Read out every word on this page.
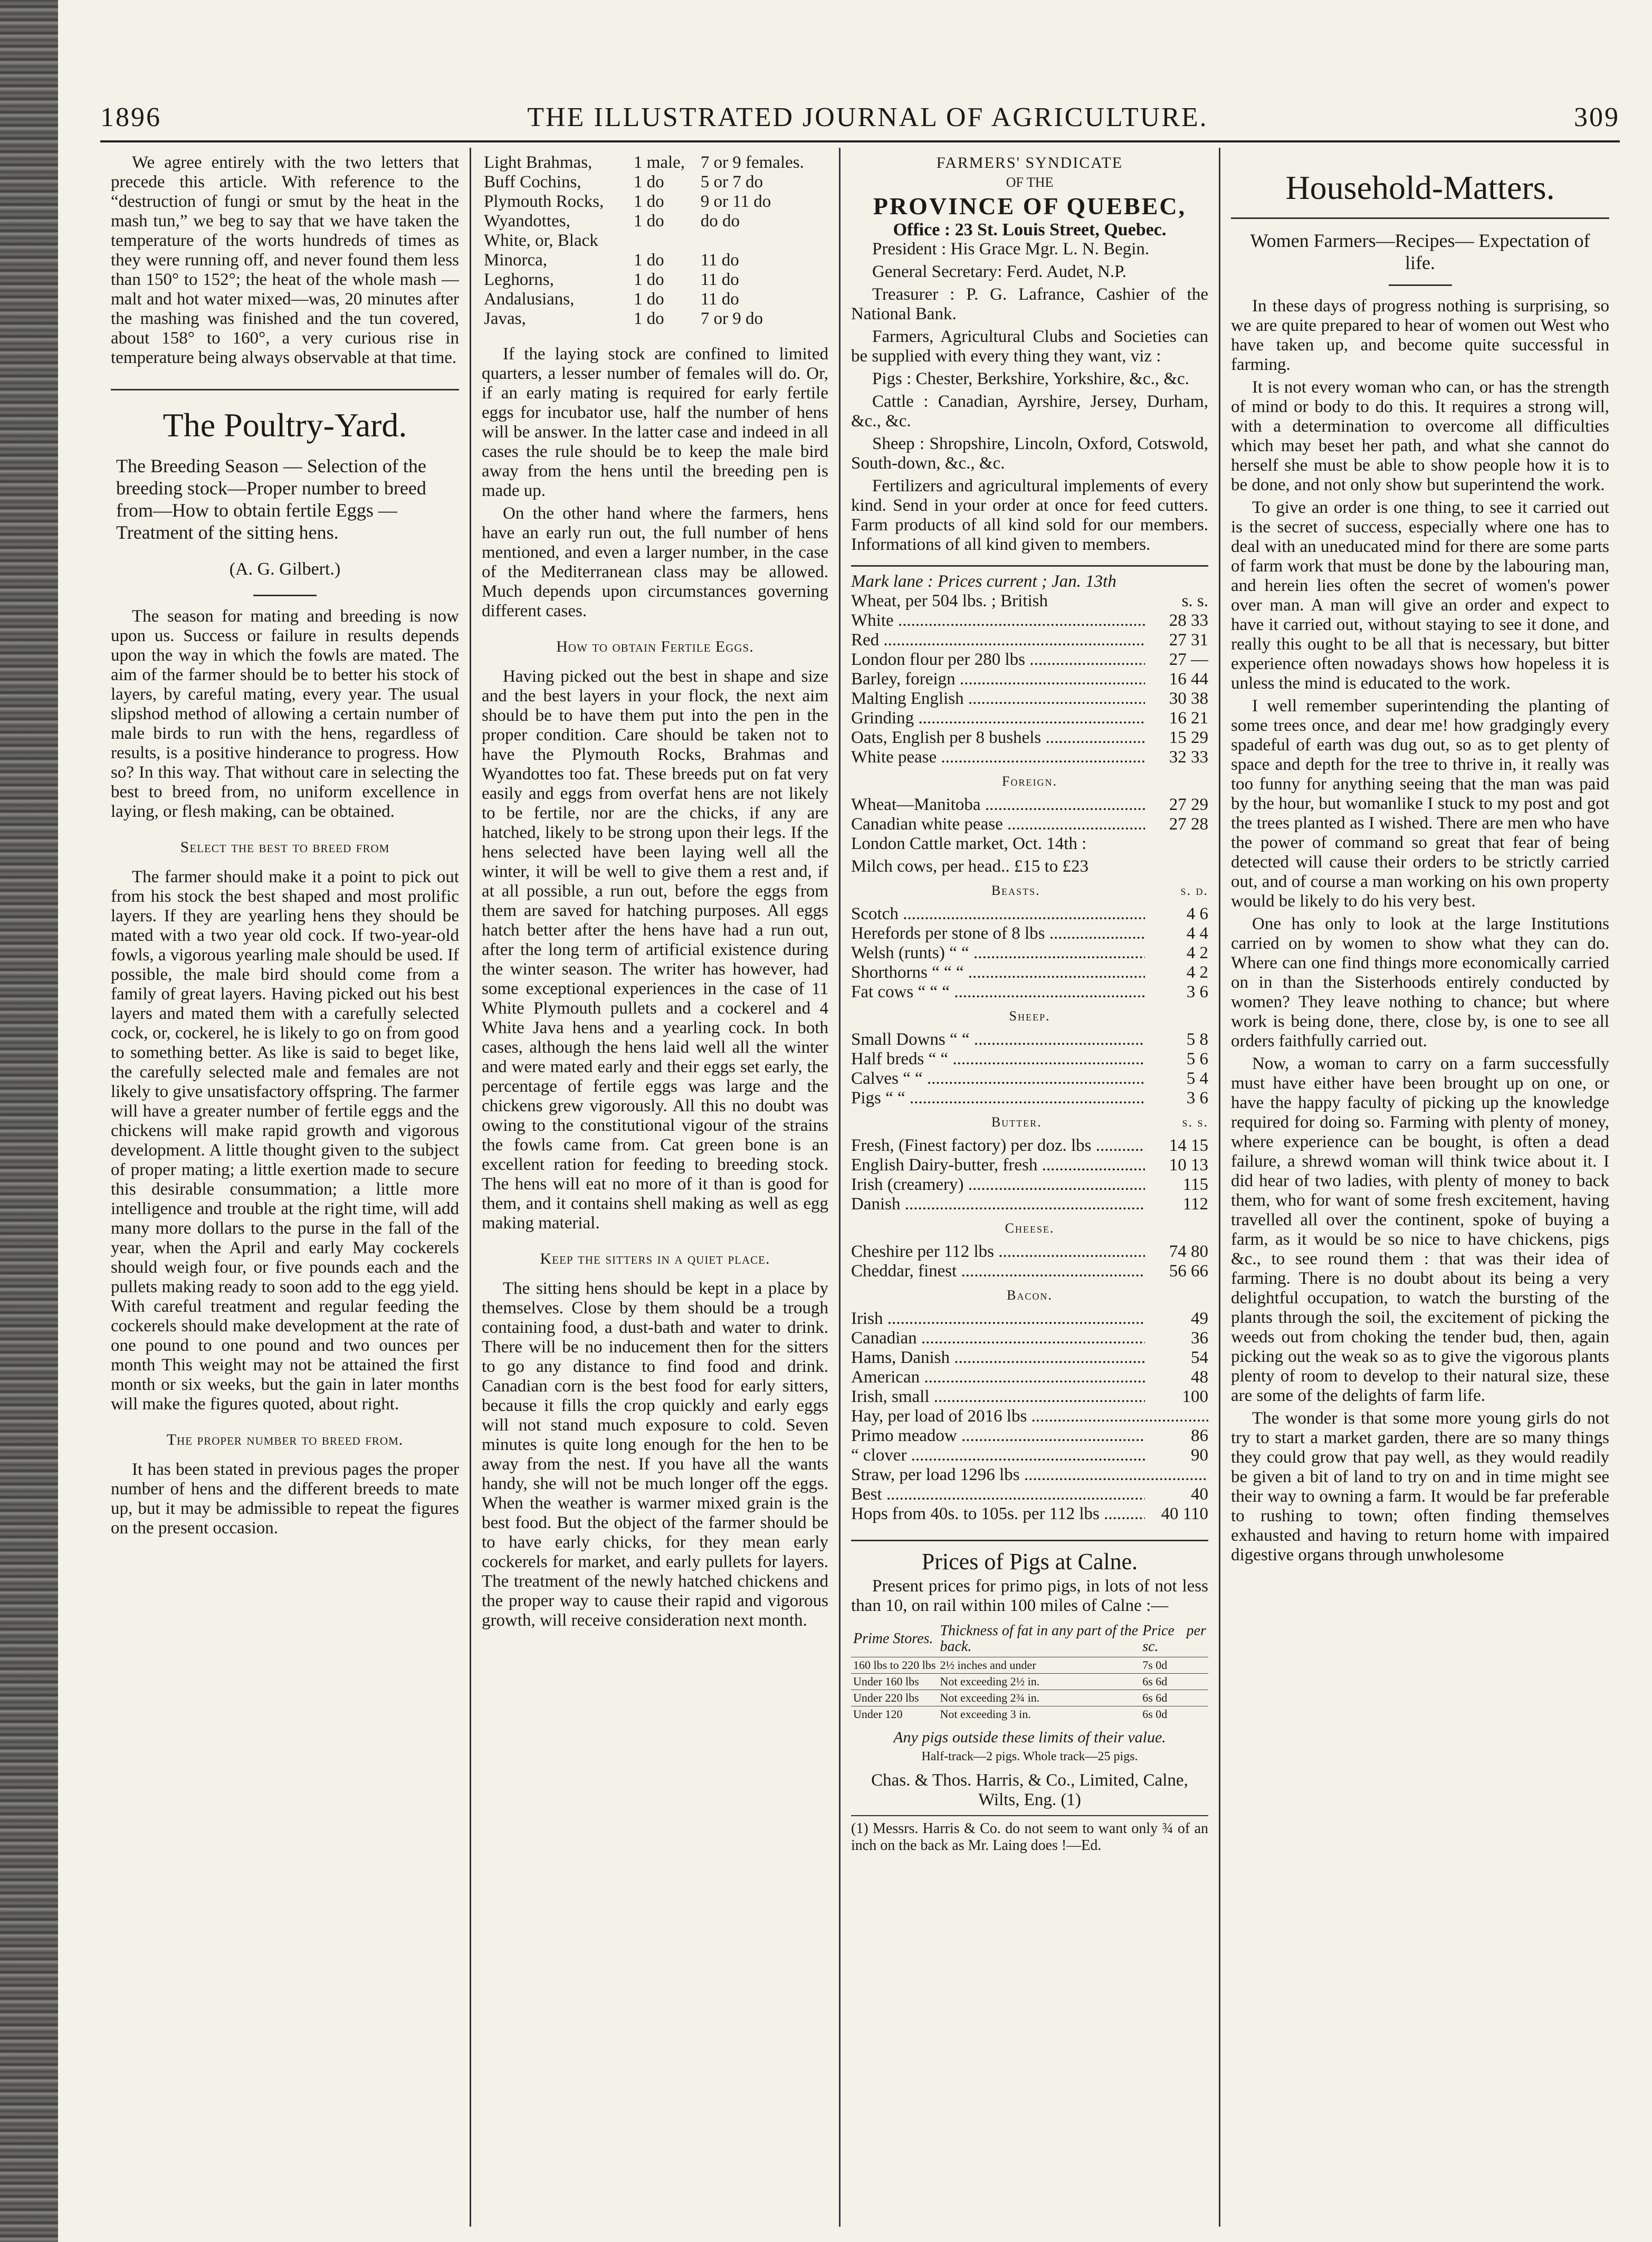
1896	THE ILLUSTRATED JOURNAL OF AGRICULTURE.	309

We agree entirely with the two letters that precede this article. With reference to the “destruction of fungi or smut by the heat in the mash tun,” we beg to say that we have taken the temperature of the worts hundreds of times as they were running off, and never found them less than 150° to 152°; the heat of the whole mash —malt and hot water mixed—was, 20 minutes after the mashing was finished and the tun covered, about 158° to 160°, a very curious rise in temperature being always observable at that time.

The Poultry-Yard.
The Breeding Season — Selection of the breeding stock—Proper number to breed from—How to obtain fertile Eggs —Treatment of the sitting hens.
(A. G. Gilbert.)

The season for mating and breeding is now upon us. Success or failure in results depends upon the way in which the fowls are mated. The aim of the farmer should be to better his stock of layers, by careful mating, every year. The usual slipshod method of allowing a certain number of male birds to run with the hens, regardless of results, is a positive hinderance to progress. How so? In this way. That without care in selecting the best to breed from, no uniform excellence in laying, or flesh making, can be obtained.

Select the best to breed from

The farmer should make it a point to pick out from his stock the best shaped and most prolific layers. If they are yearling hens they should be mated with a two year old cock. If two-year-old fowls, a vigorous yearling male should be used. If possible, the male bird should come from a family of great layers. Having picked out his best layers and mated them with a carefully selected cock, or, cockerel, he is likely to go on from good to something better. As like is said to beget like, the carefully selected male and females are not likely to give unsatisfactory offspring. The farmer will have a greater number of fertile eggs and the chickens will make rapid growth and vigorous development. A little thought given to the subject of proper mating; a little exertion made to secure this desirable consummation; a little more intelligence and trouble at the right time, will add many more dollars to the purse in the fall of the year, when the April and early May cockerels should weigh four, or five pounds each and the pullets making ready to soon add to the egg yield. With careful treatment and regular feeding the cockerels should make development at the rate of one pound to one pound and two ounces per month This weight may not be attained the first month or six weeks, but the gain in later months will make the figures quoted, about right.

The proper number to breed from.

It has been stated in previous pages the proper number of hens and the different breeds to mate up, but it may be admissible to repeat the figures on the present occasion.

Light Brahmas,	1 male,	7 or 9 females.
Buff Cochins,	1 do	5 or 7 do
Plymouth Rocks,	1 do	9 or 11 do
Wyandottes,	1 do	do do
White, or, Black		
Minorca,	1 do	11 do
Leghorns,	1 do	11 do
Andalusians,	1 do	11 do
Javas,	1 do	7 or 9 do

If the laying stock are confined to limited quarters, a lesser number of females will do. Or, if an early mating is required for early fertile eggs for incubator use, half the number of hens will be answer. In the latter case and indeed in all cases the rule should be to keep the male bird away from the hens until the breeding pen is made up.

On the other hand where the farmers, hens have an early run out, the full number of hens mentioned, and even a larger number, in the case of the Mediterranean class may be allowed. Much depends upon circumstances governing different cases.

How to obtain Fertile Eggs.

Having picked out the best in shape and size and the best layers in your flock, the next aim should be to have them put into the pen in the proper condition. Care should be taken not to have the Plymouth Rocks, Brahmas and Wyandottes too fat. These breeds put on fat very easily and eggs from overfat hens are not likely to be fertile, nor are the chicks, if any are hatched, likely to be strong upon their legs. If the hens selected have been laying well all the winter, it will be well to give them a rest and, if at all possible, a run out, before the eggs from them are saved for hatching purposes. All eggs hatch better after the hens have had a run out, after the long term of artificial existence during the winter season. The writer has however, had some exceptional experiences in the case of 11 White Plymouth pullets and a cockerel and 4 White Java hens and a yearling cock. In both cases, although the hens laid well all the winter and were mated early and their eggs set early, the percentage of fertile eggs was large and the chickens grew vigorously. All this no doubt was owing to the constitutional vigour of the strains the fowls came from. Cat green bone is an excellent ration for feeding to breeding stock. The hens will eat no more of it than is good for them, and it contains shell making as well as egg making material.

Keep the sitters in a quiet place.

The sitting hens should be kept in a place by themselves. Close by them should be a trough containing food, a dust-bath and water to drink. There will be no inducement then for the sitters to go any distance to find food and drink. Canadian corn is the best food for early sitters, because it fills the crop quickly and early eggs will not stand much exposure to cold. Seven minutes is quite long enough for the hen to be away from the nest. If you have all the wants handy, she will not be much longer off the eggs. When the weather is warmer mixed grain is the best food. But the object of the farmer should be to have early chicks, for they mean early cockerels for market, and early pullets for layers. The treatment of the newly hatched chickens and the proper way to cause their rapid and vigorous growth, will receive consideration next month.

FARMERS' SYNDICATE
OF THE
PROVINCE OF QUEBEC,
Office : 23 St. Louis Street, Quebec.

President : His Grace Mgr. L. N. Begin.

General Secretary: Ferd. Audet, N.P.

Treasurer : P. G. Lafrance, Cashier of the National Bank.

Farmers, Agricultural Clubs and Societies can be supplied with every thing they want, viz :

Pigs : Chester, Berkshire, Yorkshire, &c., &c.

Cattle : Canadian, Ayrshire, Jersey, Durham, &c., &c.

Sheep : Shropshire, Lincoln, Oxford, Cotswold, South-down, &c., &c.

Fertilizers and agricultural implements of every kind. Send in your order at once for feed cutters. Farm products of all kind sold for our members. Informations of all kind given to members.

Mark lane : Prices current ; Jan. 13th
Wheat, per 504 lbs. ; British	s. s.
White .....	28 33
Red .....	27 31
London flour per 280 lbs .....	27 —
Barley, foreign .....	16 44
Malting English .....	30 38
Grinding .....	16 21
Oats, English per 8 bushels .....	15 29
White pease .....	32 33
Foreign.
Wheat—Manitoba .....	27 29
Canadian white pease .....	27 28

London Cattle market, Oct. 14th :

Milch cows, per head.. £15 to £23

Beasts.	s. d.
Scotch .....	4 6
Herefords per stone of 8 lbs .....	4 4
Welsh (runts) “ “ .....	4 2
Shorthorns “ “ “ .....	4 2
Fat cows “ “ “ .....	3 6
Sheep.
Small Downs “ “ .....	5 8
Half breds “ “ .....	5 6
Calves “ “ .....	5 4
Pigs “ “ .....	3 6
Butter.	s. s.
Fresh, (Finest factory) per doz. lbs .....	14 15
English Dairy-butter, fresh .....	10 13
Irish (creamery) .....	115
Danish .....	112
Cheese.
Cheshire per 112 lbs .....	74 80
Cheddar, finest .....	56 66
Bacon.
Irish .....	49
Canadian .....	36
Hams, Danish .....	54
American .....	48
Irish, small .....	100
Hay, per load of 2016 lbs .....
Primo meadow .....	86
“ clover .....	90
Straw, per load 1296 lbs .....
Best .....	40
Hops from 40s. to 105s. per 112 lbs .....	40 110
Prices of Pigs at Calne.

Present prices for primo pigs, in lots of not less than 10, on rail within 100 miles of Calne :—

Prime Stores.	Thickness of fat in any part of the back.	Price per sc.
160 lbs to 220 lbs	2½ inches and under	7s 0d
Under 160 lbs	Not exceeding 2½ in.	6s 6d
Under 220 lbs	Not exceeding 2¾ in.	6s 6d
Under 120	Not exceeding 3 in.	6s 0d
Any pigs outside these limits of their value.
Half-track—2 pigs. Whole track—25 pigs.
Chas. & Thos. Harris, & Co., Limited, Calne, Wilts, Eng. (1)
(1) Messrs. Harris & Co. do not seem to want only ¾ of an inch on the back as Mr. Laing does !—Ed.
Household-Matters.
Women Farmers—Recipes— Expectation of life.

In these days of progress nothing is surprising, so we are quite prepared to hear of women out West who have taken up, and become quite successful in farming.

It is not every woman who can, or has the strength of mind or body to do this. It requires a strong will, with a determination to overcome all difficulties which may beset her path, and what she cannot do herself she must be able to show people how it is to be done, and not only show but superintend the work.

To give an order is one thing, to see it carried out is the secret of success, especially where one has to deal with an uneducated mind for there are some parts of farm work that must be done by the labouring man, and herein lies often the secret of women's power over man. A man will give an order and expect to have it carried out, without staying to see it done, and really this ought to be all that is necessary, but bitter experience often nowadays shows how hopeless it is unless the mind is educated to the work.

I well remember superintending the planting of some trees once, and dear me! how gradgingly every spadeful of earth was dug out, so as to get plenty of space and depth for the tree to thrive in, it really was too funny for anything seeing that the man was paid by the hour, but womanlike I stuck to my post and got the trees planted as I wished. There are men who have the power of command so great that fear of being detected will cause their orders to be strictly carried out, and of course a man working on his own property would be likely to do his very best.

One has only to look at the large Institutions carried on by women to show what they can do. Where can one find things more economically carried on in than the Sisterhoods entirely conducted by women? They leave nothing to chance; but where work is being done, there, close by, is one to see all orders faithfully carried out.

Now, a woman to carry on a farm successfully must have either have been brought up on one, or have the happy faculty of picking up the knowledge required for doing so. Farming with plenty of money, where experience can be bought, is often a dead failure, a shrewd woman will think twice about it. I did hear of two ladies, with plenty of money to back them, who for want of some fresh excitement, having travelled all over the continent, spoke of buying a farm, as it would be so nice to have chickens, pigs &c., to see round them : that was their idea of farming. There is no doubt about its being a very delightful occupation, to watch the bursting of the plants through the soil, the excitement of picking the weeds out from choking the tender bud, then, again picking out the weak so as to give the vigorous plants plenty of room to develop to their natural size, these are some of the delights of farm life.

The wonder is that some more young girls do not try to start a market garden, there are so many things they could grow that pay well, as they would readily be given a bit of land to try on and in time might see their way to owning a farm. It would be far preferable to rushing to town; often finding themselves exhausted and having to return home with impaired digestive organs through unwholesome
